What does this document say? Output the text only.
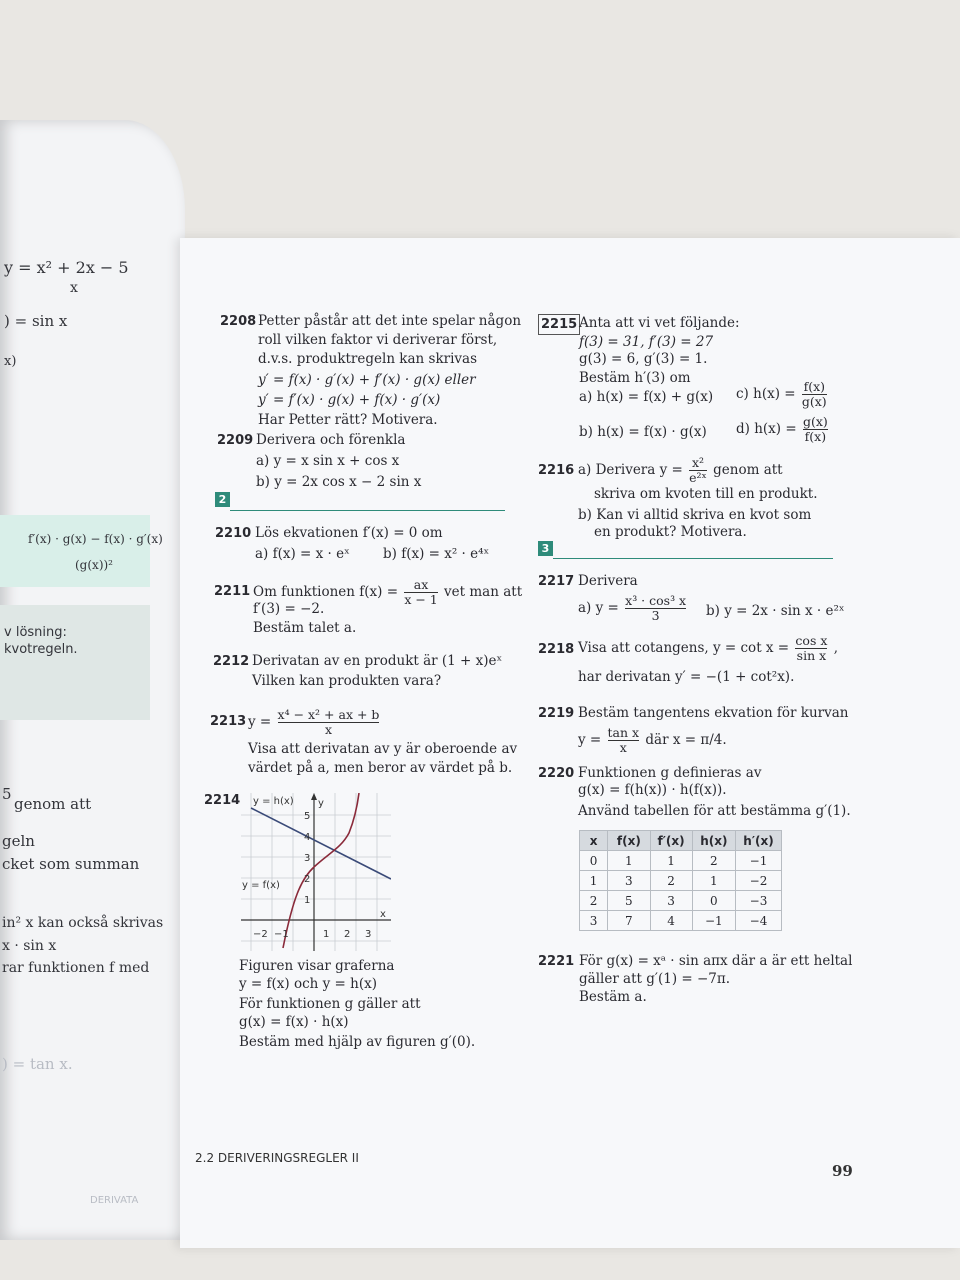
y = x² + 2x − 5
x
) = sin x
x)
f′(x) · g(x) − f(x) · g′(x)
(g(x))²
v lösning:
kvotregeln.
5
genom att
geln
cket som summan
in² x kan också skrivas
x · sin x
rar funktionen f med
) = tan x.
DERIVATA
2208 Petter påstår att det inte spelar någon
roll vilken faktor vi deriverar först,
d.v.s. produktregeln kan skrivas
y′ = f(x) · g′(x) + f′(x) · g(x) eller
y′ = f′(x) · g(x) + f(x) · g′(x)
Har Petter rätt? Motivera.
2209 Derivera och förenkla
a) y = x sin x + cos x
b) y = 2x cos x − 2 sin x
2
2210 Lös ekvationen f′(x) = 0 om
a) f(x) = x · eˣ b) f(x) = x² · e⁴ˣ
2211 Om funktionen $f(x) = \frac{ax}{x - 1}$ vet man att
f′(3) = −2.
Bestäm talet a.
2212 Derivatan av en produkt är (1 + x)eˣ
Vilken kan produkten vara?
2213 $y = \frac{\text{x⁴ − x² + ax + b}}{x}$
Visa att derivatan av y är oberoende av
värdet på a, men beror av värdet på b.
2214 y = h(x)
y = f(x)
y
x
−2 −1	1 2 3
1
2
3
4
5
Figuren visar graferna
y = f(x) och y = h(x)
För funktionen g gäller att
g(x) = f(x) · h(x)
Bestäm med hjälp av figuren g′(0).
2215 Anta att vi vet följande:
f(3) = 31, f′(3) = 27
g(3) = 6, g′(3) = 1.
Bestäm h′(3) om
a) h(x) = f(x) + g(x) c) $h(x) = \frac{f(x)}{g(x)}$
b) h(x) = f(x) · g(x) d) $h(x) = \frac{g(x)}{f(x)}$
2216 a) Derivera $y = \frac{\text{x²}}{\text{e²ˣ}}$ genom att
skriva om kvoten till en produkt.
b) Kan vi alltid skriva en kvot som
en produkt? Motivera.
3
2217 Derivera
a) $y = \frac{\text{x³ · cos³ x}}{3} b$) y = 2x · sin x · e²ˣ
2218 Visa att cotangens, $y = \cot x = \frac{\text{cos x}}{\text{sin x}}$ ,
har derivatan y′ = −(1 + cot²x).
2219 Bestäm tangentens ekvation för kurvan
$y = \frac{\text{tan x}}{x}$ där x = π/4.
2220 Funktionen g definieras av
g(x) = f(h(x)) · h(f(x)).
Använd tabellen för att bestämma g′(1).
x	f(x)	f′(x)	h(x)	h′(x)
0	1	1	2	−1
1	3	2	1	−2
2	5	3	0	−3
3	7	4	−1	−4
2221 För g(x) = xᵃ · sin aπx där a är ett heltal
gäller att g′(1) = −7π.
Bestäm a.
2.2 DERIVERINGSREGLER II
99
